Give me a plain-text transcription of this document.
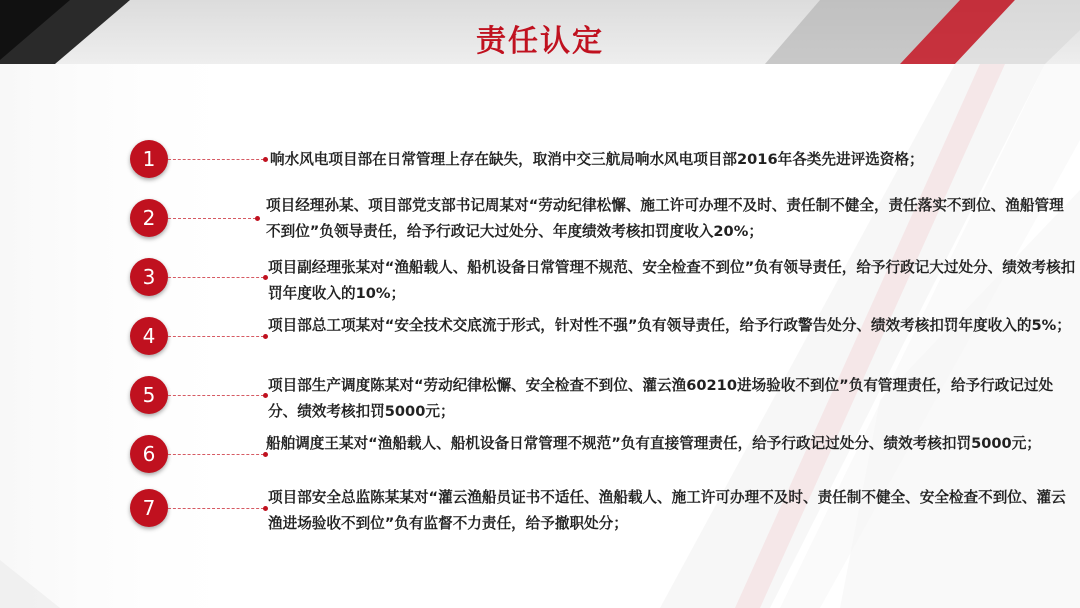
责任认定
1	响水风电项目部在日常管理上存在缺失，取消中交三航局响水风电项目部2016年各类先进评选资格；
2
项目经理孙某、项目部党支部书记周某对“劳动纪律松懈、施工许可办理不及时、责任制不健全，责任落实不到位、渔船管理不到位”负领导责任，给予行政记大过处分、年度绩效考核扣罚度收入20%；
3	项目副经理张某对“渔船载人、船机设备日常管理不规范、安全检查不到位”负有领导责任，给予行政记大过处分、绩效考核扣罚年度收入的10%；
4	项目部总工项某对“安全技术交底流于形式，针对性不强”负有领导责任，给予行政警告处分、绩效考核扣罚年度收入的5%；
5	项目部生产调度陈某对“劳动纪律松懈、安全检查不到位、灌云渔60210进场验收不到位”负有管理责任，给予行政记过处分、绩效考核扣罚5000元；
6	船舶调度王某对“渔船载人、船机设备日常管理不规范”负有直接管理责任，给予行政记过处分、绩效考核扣罚5000元；
7	项目部安全总监陈某某对“灌云渔船员证书不适任、渔船载人、施工许可办理不及时、责任制不健全、安全检查不到位、灌云渔进场验收不到位”负有监督不力责任，给予撤职处分；
